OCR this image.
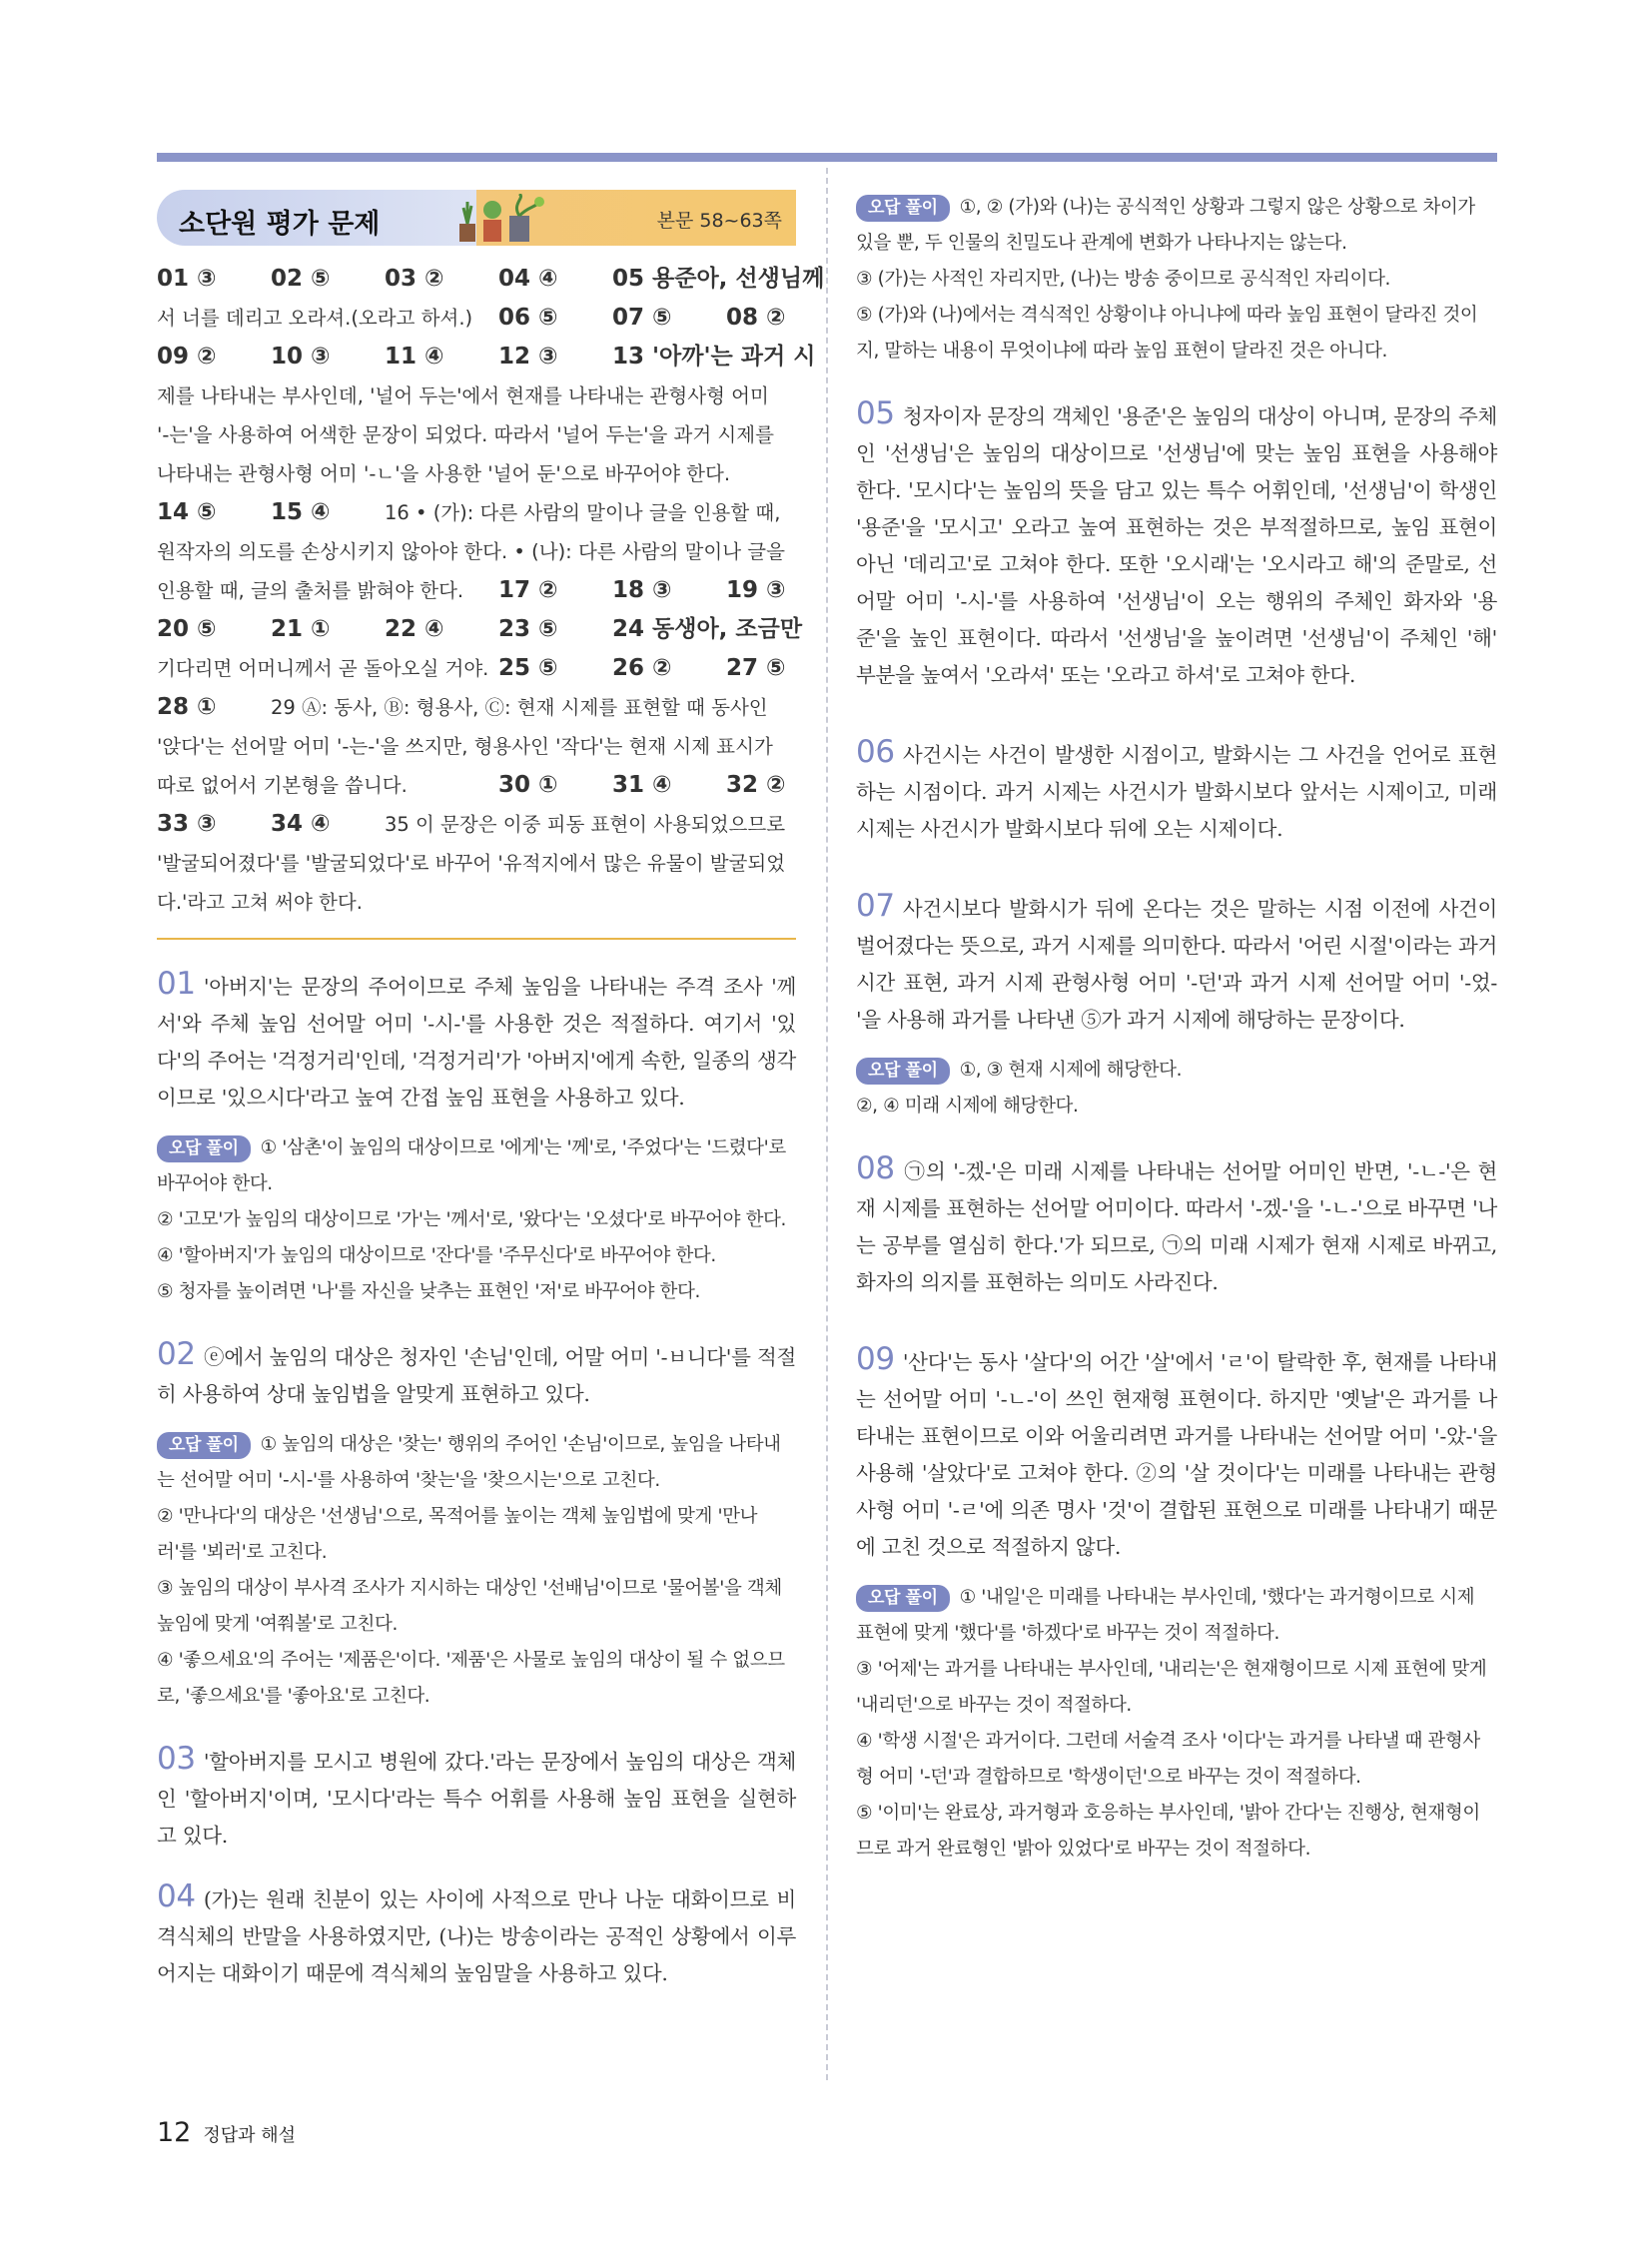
소단원 평가 문제	본문 58~63쪽
01 ③	02 ⑤	03 ②	04 ④	05 용준아, 선생님께
서 너를 데리고 오라셔.(오라고 하셔.)	06 ⑤	07 ⑤	08 ②
09 ②	10 ③	11 ④	12 ③	13 '아까'는 과거 시
제를 나타내는 부사인데, '널어 두는'에서 현재를 나타내는 관형사형 어미
'-는'을 사용하여 어색한 문장이 되었다. 따라서 '널어 두는'을 과거 시제를
나타내는 관형사형 어미 '-ㄴ'을 사용한 '널어 둔'으로 바꾸어야 한다.
14 ⑤	15 ④	16 • (가): 다른 사람의 말이나 글을 인용할 때,
원작자의 의도를 손상시키지 않아야 한다. • (나): 다른 사람의 말이나 글을
인용할 때, 글의 출처를 밝혀야 한다.	17 ②	18 ③	19 ③
20 ⑤	21 ①	22 ④	23 ⑤	24 동생아, 조금만
기다리면 어머니께서 곧 돌아오실 거야. 25 ⑤	26 ②	27 ⑤
28 ①	29 Ⓐ: 동사, Ⓑ: 형용사, Ⓒ: 현재 시제를 표현할 때 동사인
'앉다'는 선어말 어미 '-는-'을 쓰지만, 형용사인 '작다'는 현재 시제 표시가
따로 없어서 기본형을 씁니다.	30 ①	31 ④	32 ②
33 ③	34 ④	35 이 문장은 이중 피동 표현이 사용되었으므로
'발굴되어졌다'를 '발굴되었다'로 바꾸어 '유적지에서 많은 유물이 발굴되었
다.'라고 고쳐 써야 한다.
01 '아버지'는 문장의 주어이므로 주체 높임을 나타내는 주격 조사 '께서'와 주체 높임 선어말 어미 '-시-'를 사용한 것은 적절하다. 여기서 '있다'의 주어는 '걱정거리'인데, '걱정거리'가 '아버지'에게 속한, 일종의 생각이므로 '있으시다'라고 높여 간접 높임 표현을 사용하고 있다.
오답 풀이 ① '삼촌'이 높임의 대상이므로 '에게'는 '께'로, '주었다'는 '드렸다'로 바꾸어야 한다.
② '고모'가 높임의 대상이므로 '가'는 '께서'로, '왔다'는 '오셨다'로 바꾸어야 한다.
④ '할아버지'가 높임의 대상이므로 '잔다'를 '주무신다'로 바꾸어야 한다.
⑤ 청자를 높이려면 '나'를 자신을 낮추는 표현인 '저'로 바꾸어야 한다.
02 ⓔ에서 높임의 대상은 청자인 '손님'인데, 어말 어미 '-ㅂ니다'를 적절히 사용하여 상대 높임법을 알맞게 표현하고 있다.
오답 풀이 ① 높임의 대상은 '찾는' 행위의 주어인 '손님'이므로, 높임을 나타내는 선어말 어미 '-시-'를 사용하여 '찾는'을 '찾으시는'으로 고친다.
② '만나다'의 대상은 '선생님'으로, 목적어를 높이는 객체 높임법에 맞게 '만나러'를 '뵈러'로 고친다.
③ 높임의 대상이 부사격 조사가 지시하는 대상인 '선배님'이므로 '물어볼'을 객체 높임에 맞게 '여쭤볼'로 고친다.
④ '좋으세요'의 주어는 '제품은'이다. '제품'은 사물로 높임의 대상이 될 수 없으므로, '좋으세요'를 '좋아요'로 고친다.
03 '할아버지를 모시고 병원에 갔다.'라는 문장에서 높임의 대상은 객체인 '할아버지'이며, '모시다'라는 특수 어휘를 사용해 높임 표현을 실현하고 있다.
04 (가)는 원래 친분이 있는 사이에 사적으로 만나 나눈 대화이므로 비격식체의 반말을 사용하였지만, (나)는 방송이라는 공적인 상황에서 이루어지는 대화이기 때문에 격식체의 높임말을 사용하고 있다.
오답 풀이 ①, ② (가)와 (나)는 공식적인 상황과 그렇지 않은 상황으로 차이가 있을 뿐, 두 인물의 친밀도나 관계에 변화가 나타나지는 않는다.
③ (가)는 사적인 자리지만, (나)는 방송 중이므로 공식적인 자리이다.
⑤ (가)와 (나)에서는 격식적인 상황이냐 아니냐에 따라 높임 표현이 달라진 것이지, 말하는 내용이 무엇이냐에 따라 높임 표현이 달라진 것은 아니다.
05 청자이자 문장의 객체인 '용준'은 높임의 대상이 아니며, 문장의 주체인 '선생님'은 높임의 대상이므로 '선생님'에 맞는 높임 표현을 사용해야 한다. '모시다'는 높임의 뜻을 담고 있는 특수 어휘인데, '선생님'이 학생인 '용준'을 '모시고' 오라고 높여 표현하는 것은 부적절하므로, 높임 표현이 아닌 '데리고'로 고쳐야 한다. 또한 '오시래'는 '오시라고 해'의 준말로, 선어말 어미 '-시-'를 사용하여 '선생님'이 오는 행위의 주체인 화자와 '용준'을 높인 표현이다. 따라서 '선생님'을 높이려면 '선생님'이 주체인 '해' 부분을 높여서 '오라셔' 또는 '오라고 하셔'로 고쳐야 한다.
06 사건시는 사건이 발생한 시점이고, 발화시는 그 사건을 언어로 표현하는 시점이다. 과거 시제는 사건시가 발화시보다 앞서는 시제이고, 미래 시제는 사건시가 발화시보다 뒤에 오는 시제이다.
07 사건시보다 발화시가 뒤에 온다는 것은 말하는 시점 이전에 사건이 벌어졌다는 뜻으로, 과거 시제를 의미한다. 따라서 '어린 시절'이라는 과거 시간 표현, 과거 시제 관형사형 어미 '-던'과 과거 시제 선어말 어미 '-었-'을 사용해 과거를 나타낸 ⑤가 과거 시제에 해당하는 문장이다.
오답 풀이 ①, ③ 현재 시제에 해당한다.
②, ④ 미래 시제에 해당한다.
08 ㉠의 '-겠-'은 미래 시제를 나타내는 선어말 어미인 반면, '-ㄴ-'은 현재 시제를 표현하는 선어말 어미이다. 따라서 '-겠-'을 '-ㄴ-'으로 바꾸면 '나는 공부를 열심히 한다.'가 되므로, ㉠의 미래 시제가 현재 시제로 바뀌고, 화자의 의지를 표현하는 의미도 사라진다.
09 '산다'는 동사 '살다'의 어간 '살'에서 'ㄹ'이 탈락한 후, 현재를 나타내는 선어말 어미 '-ㄴ-'이 쓰인 현재형 표현이다. 하지만 '옛날'은 과거를 나타내는 표현이므로 이와 어울리려면 과거를 나타내는 선어말 어미 '-았-'을 사용해 '살았다'로 고쳐야 한다. ②의 '살 것이다'는 미래를 나타내는 관형사형 어미 '-ㄹ'에 의존 명사 '것'이 결합된 표현으로 미래를 나타내기 때문에 고친 것으로 적절하지 않다.
오답 풀이 ① '내일'은 미래를 나타내는 부사인데, '했다'는 과거형이므로 시제 표현에 맞게 '했다'를 '하겠다'로 바꾸는 것이 적절하다.
③ '어제'는 과거를 나타내는 부사인데, '내리는'은 현재형이므로 시제 표현에 맞게 '내리던'으로 바꾸는 것이 적절하다.
④ '학생 시절'은 과거이다. 그런데 서술격 조사 '이다'는 과거를 나타낼 때 관형사형 어미 '-던'과 결합하므로 '학생이던'으로 바꾸는 것이 적절하다.
⑤ '이미'는 완료상, 과거형과 호응하는 부사인데, '밝아 간다'는 진행상, 현재형이므로 과거 완료형인 '밝아 있었다'로 바꾸는 것이 적절하다.
12 정답과 해설
